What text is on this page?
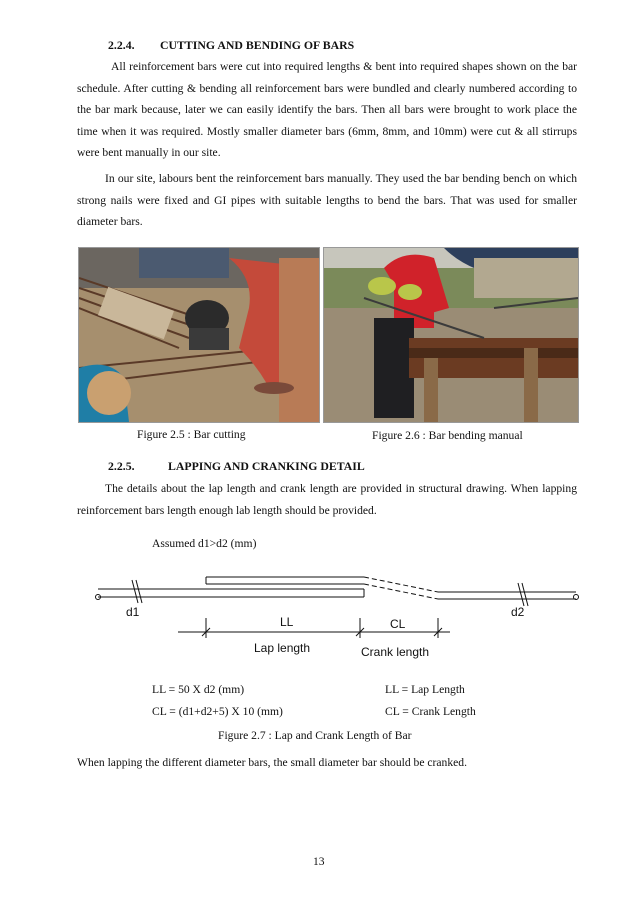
2.2.4. CUTTING AND BENDING OF BARS
All reinforcement bars were cut into required lengths & bent into required shapes shown on the bar schedule. After cutting & bending all reinforcement bars were bundled and clearly numbered according to the bar mark because, later we can easily identify the bars. Then all bars were brought to work place the time when it was required. Mostly smaller diameter bars (6mm, 8mm, and 10mm) were cut & all stirrups were bent manually in our site.
In our site, labours bent the reinforcement bars manually. They used the bar bending bench on which strong nails were fixed and GI pipes with suitable lengths to bend the bars. That was used for smaller diameter bars.
Figure 2.5 : Bar cutting	Figure 2.6 : Bar bending manual
2.2.5.	LAPPING AND CRANKING DETAIL
The details about the lap length and crank length are provided in structural drawing. When lapping reinforcement bars length enough lab length should be provided.
Assumed d1>d2 (mm)
d1	d2
LL	CL
Lap length	Crank length
LL = 50 X d2 (mm)	LL = Lap Length
CL = (d1+d2+5) X 10 (mm)	CL = Crank Length
Figure 2.7 : Lap and Crank Length of Bar
When lapping the different diameter bars, the small diameter bar should be cranked.
13
